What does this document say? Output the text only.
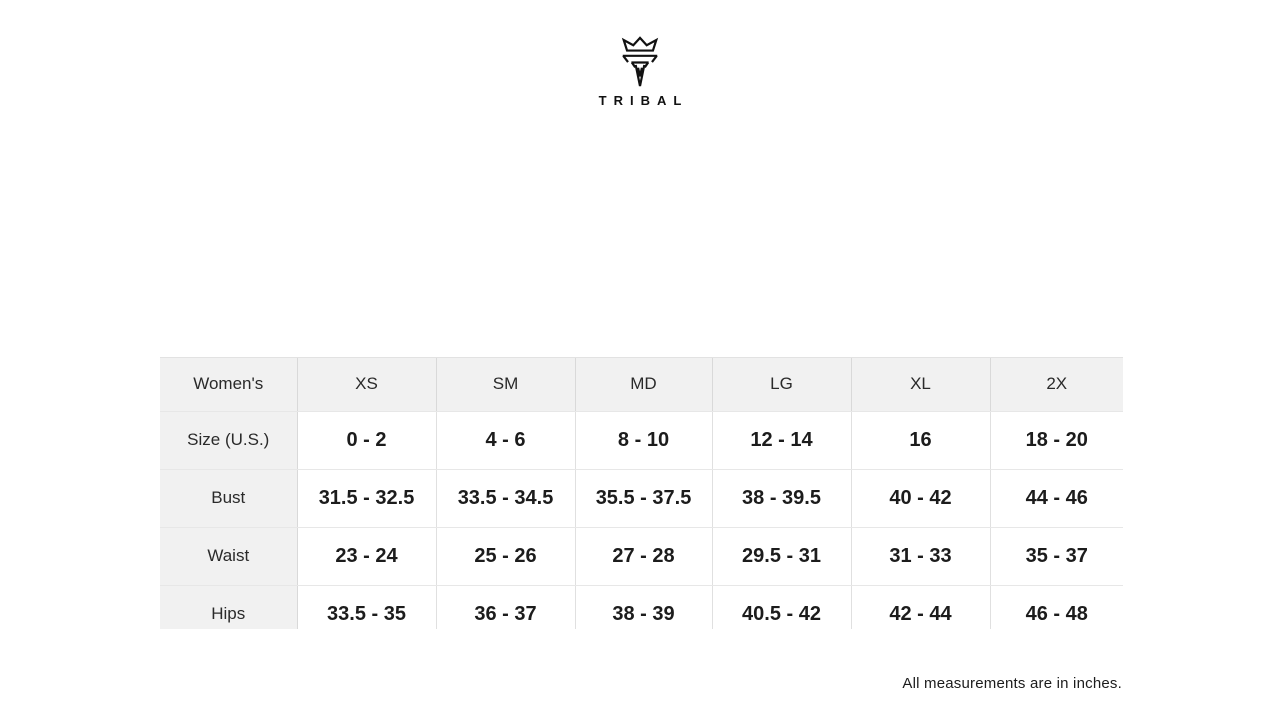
TRIBAL
Women's	XS	SM	MD	LG	XL	2X
Size (U.S.)	0 - 2	4 - 6	8 - 10	12 - 14	16	18 - 20
Bust	31.5 - 32.5	33.5 - 34.5	35.5 - 37.5	38 - 39.5	40 - 42	44 - 46
Waist	23 - 24	25 - 26	27 - 28	29.5 - 31	31 - 33	35 - 37
Hips	33.5 - 35	36 - 37	38 - 39	40.5 - 42	42 - 44	46 - 48
All measurements are in inches.
